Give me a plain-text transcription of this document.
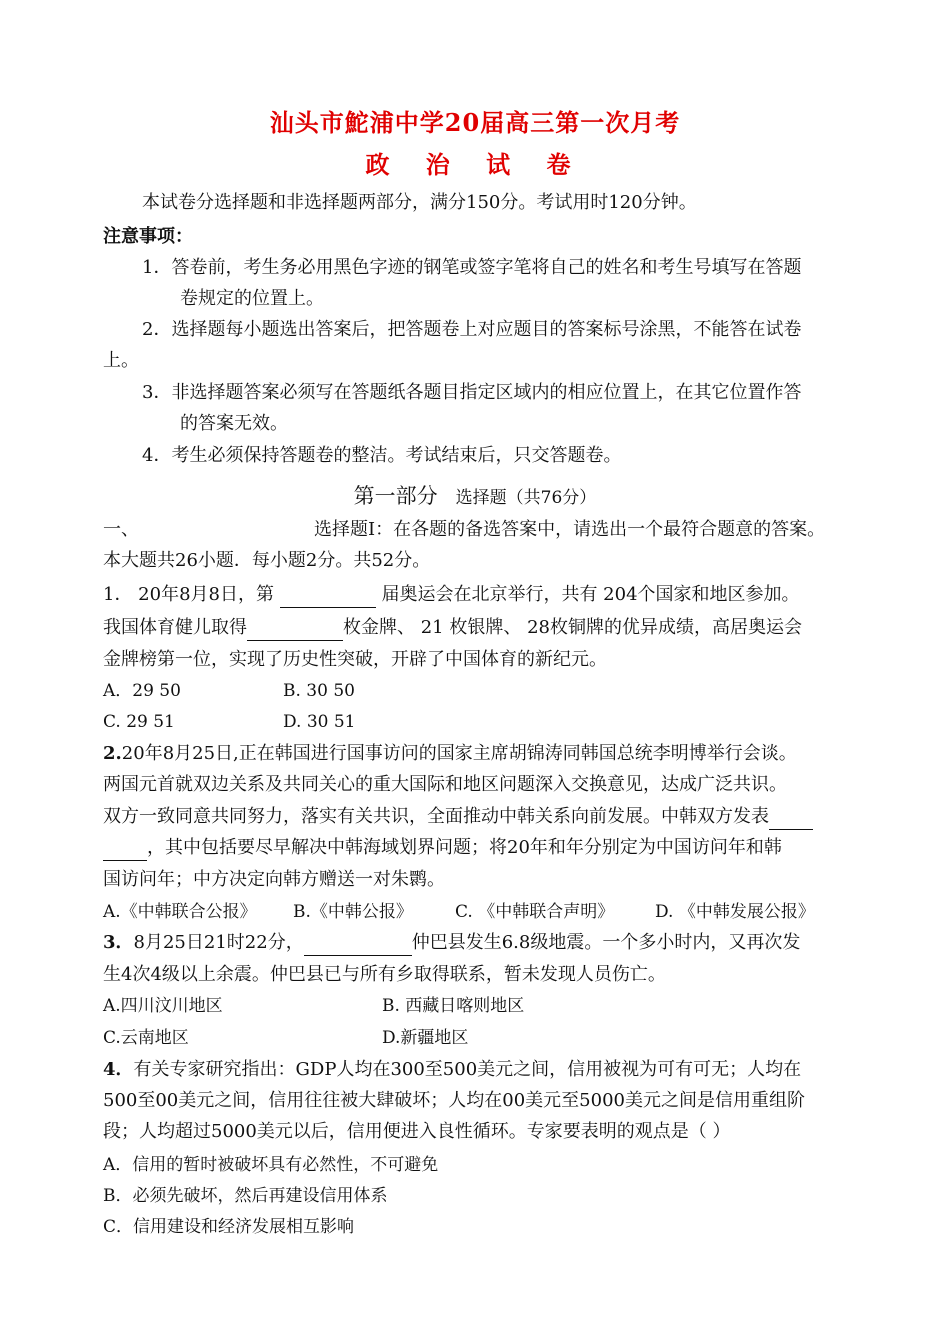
汕头市鮀浦中学20届高三第一次月考
政 治 试 卷
本试卷分选择题和非选择题两部分，满分150分。考试用时120分钟。
注意事项：
1．答卷前，考生务必用黑色字迹的钢笔或签字笔将自己的姓名和考生号填写在答题
卷规定的位置上。
2．选择题每小题选出答案后，把答题卷上对应题目的答案标号涂黑，不能答在试卷
上。
3．非选择题答案必须写在答题纸各题目指定区域内的相应位置上，在其它位置作答
的答案无效。
4．考生必须保持答题卷的整洁。考试结束后，只交答题卷。
第一部分 选择题（共76分）
一、	选择题Ⅰ：在各题的备选答案中，请选出一个最符合题意的答案。
本大题共26小题．每小题2分。共52分。
1． 20年8月8日，第	届奥运会在北京举行，共有 204个国家和地区参加。
我国体育健儿取得	枚金牌、 21 枚银牌、 28枚铜牌的优异成绩，高居奥运会
金牌榜第一位，实现了历史性突破，开辟了中国体育的新纪元。
A．29 50	B. 30 50
C. 29 51	D. 30 51
2.20年8月25日,正在韩国进行国事访问的国家主席胡锦涛同韩国总统李明博举行会谈。
两国元首就双边关系及共同关心的重大国际和地区问题深入交换意见，达成广泛共识。
双方一致同意共同努力，落实有关共识，全面推动中韩关系向前发展。中韩双方发表
，其中包括要尽早解决中韩海域划界问题；将20年和年分别定为中国访问年和韩
国访问年；中方决定向韩方赠送一对朱鹮。
A.《中韩联合公报》 B.《中韩公报》 C. 《中韩联合声明》 D. 《中韩发展公报》
3．8月25日21时22分，	仲巴县发生6.8级地震。一个多小时内，又再次发
生4次4级以上余震。仲巴县已与所有乡取得联系，暂未发现人员伤亡。
A.四川汶川地区	B. 西藏日喀则地区
C.云南地区	D.新疆地区
4．有关专家研究指出：GDP人均在300至500美元之间，信用被视为可有可无；人均在
500至00美元之间，信用往往被大肆破坏；人均在00美元至5000美元之间是信用重组阶
段；人均超过5000美元以后，信用便进入良性循环。专家要表明的观点是（ ）
A．信用的暂时被破坏具有必然性，不可避免
B．必须先破坏，然后再建设信用体系
C．信用建设和经济发展相互影响
